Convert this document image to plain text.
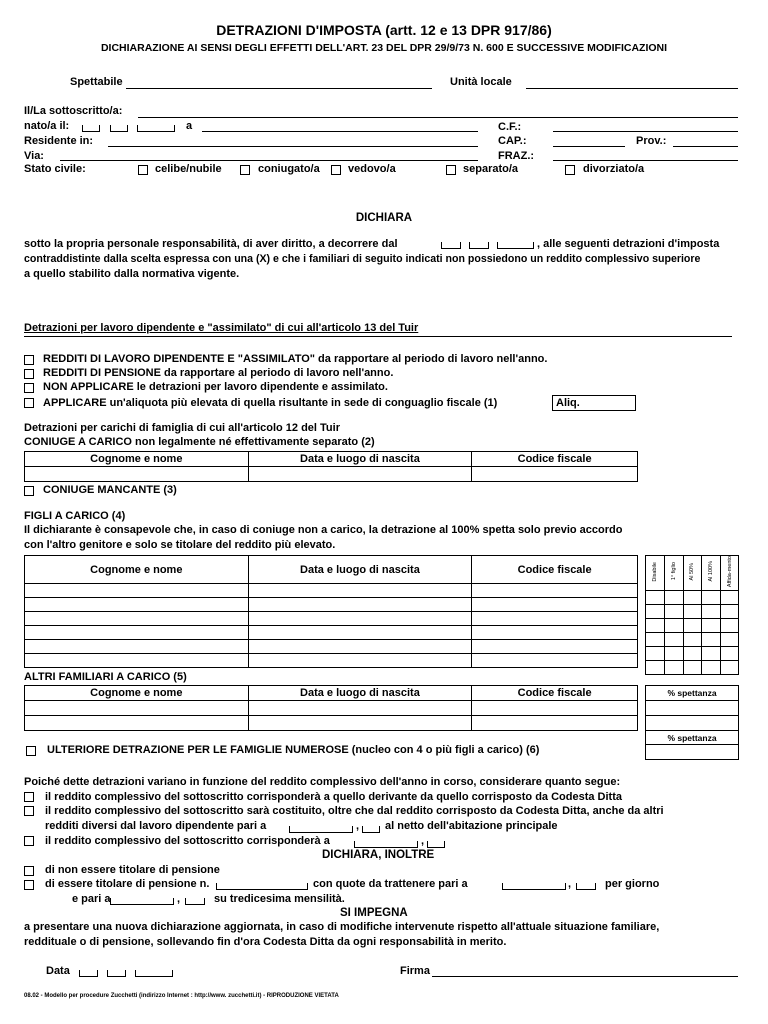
DETRAZIONI D'IMPOSTA (artt. 12 e 13 DPR 917/86)
DICHIARAZIONE AI SENSI DEGLI EFFETTI DELL'ART. 23 DEL DPR 29/9/73 N. 600 E SUCCESSIVE MODIFICAZIONI
Spettabile	Unità locale
Il/La sottoscritto/a:
nato/a il:	a	C.F.:
Residente in:	CAP.:	Prov.:
Via:	FRAZ.:
Stato civile:	celibe/nubile	coniugato/a	vedovo/a	separato/a	divorziato/a
DICHIARA
sotto la propria personale responsabilità, di aver diritto, a decorrere dal	, alle seguenti detrazioni d'imposta
contraddistinte dalla scelta espressa con una (X) e che i familiari di seguito indicati non possiedono un reddito complessivo superiore
a quello stabilito dalla normativa vigente.
Detrazioni per lavoro dipendente e "assimilato" di cui all'articolo 13 del Tuir
REDDITI DI LAVORO DIPENDENTE E "ASSIMILATO" da rapportare al periodo di lavoro nell'anno.
REDDITI DI PENSIONE da rapportare al periodo di lavoro nell'anno.
NON APPLICARE le detrazioni per lavoro dipendente e assimilato.
APPLICARE un'aliquota più elevata di quella risultante in sede di conguaglio fiscale (1)	Aliq.
Detrazioni per carichi di famiglia di cui all'articolo 12 del Tuir
CONIUGE A CARICO non legalmente né effettivamente separato (2)
Cognome e nome	Data e luogo di nascita	Codice fiscale

CONIUGE MANCANTE (3)
FIGLI A CARICO (4)
Il dichiarante è consapevole che, in caso di coniuge non a carico, la detrazione al 100% spetta solo previo accordo
con l'altro genitore e solo se titolare del reddito più elevato.
Cognome e nome	Data e luogo di nascita	Codice fiscale

			Disabile	1° figlio	Al 50%	Al 100%	Affida-mento

ALTRI FAMILIARI A CARICO (5)
Cognome e nome	Data e luogo di nascita	Codice fiscale

			% spettanza

ULTERIORE DETRAZIONE PER LE FAMIGLIE NUMEROSE (nucleo con 4 o più figli a carico) (6)
% spettanza

Poiché dette detrazioni variano in funzione del reddito complessivo dell'anno in corso, considerare quanto segue:
il reddito complessivo del sottoscritto corrisponderà a quello derivante da quello corrisposto da Codesta Ditta
il reddito complessivo del sottoscritto sarà costituito, oltre che dal reddito corrisposto da Codesta Ditta, anche da altri
redditi diversi dal lavoro dipendente pari a	, al netto dell'abitazione principale
il reddito complessivo del sottoscritto corrisponderà a	,
DICHIARA, INOLTRE
di non essere titolare di pensione
di essere titolare di pensione n.	con quote da trattenere pari a	,	per giorno
e pari a	,	su tredicesima mensilità.
SI IMPEGNA
a presentare una nuova dichiarazione aggiornata, in caso di modifiche intervenute rispetto all'attuale situazione familiare,
reddituale o di pensione, sollevando fin d'ora Codesta Ditta da ogni responsabilità in merito.
Data	Firma
08.02 - Modello per procedure Zucchetti (indirizzo Internet : http://www. zucchetti.it) - RIPRODUZIONE VIETATA
